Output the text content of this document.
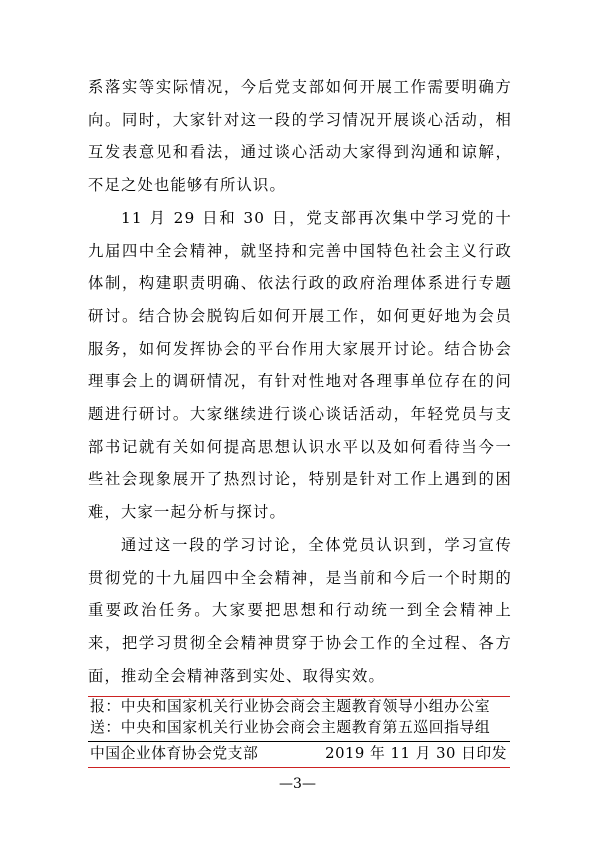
系落实等实际情况，今后党支部如何开展工作需要明确方向。同时，大家针对这一段的学习情况开展谈心活动，相互发表意见和看法，通过谈心活动大家得到沟通和谅解，不足之处也能够有所认识。

11 月 29 日和 30 日，党支部再次集中学习党的十九届四中全会精神，就坚持和完善中国特色社会主义行政体制，构建职责明确、依法行政的政府治理体系进行专题研讨。结合协会脱钩后如何开展工作，如何更好地为会员服务，如何发挥协会的平台作用大家展开讨论。结合协会理事会上的调研情况，有针对性地对各理事单位存在的问题进行研讨。大家继续进行谈心谈话活动，年轻党员与支部书记就有关如何提高思想认识水平以及如何看待当今一些社会现象展开了热烈讨论，特别是针对工作上遇到的困难，大家一起分析与探讨。

通过这一段的学习讨论，全体党员认识到，学习宣传贯彻党的十九届四中全会精神，是当前和今后一个时期的重要政治任务。大家要把思想和行动统一到全会精神上来，把学习贯彻全会精神贯穿于协会工作的全过程、各方面，推动全会精神落到实处、取得实效。

报：中央和国家机关行业协会商会主题教育领导小组办公室
送：中央和国家机关行业协会商会主题教育第五巡回指导组
中国企业体育协会党支部	2019 年 11 月 30 日印发
—3—
